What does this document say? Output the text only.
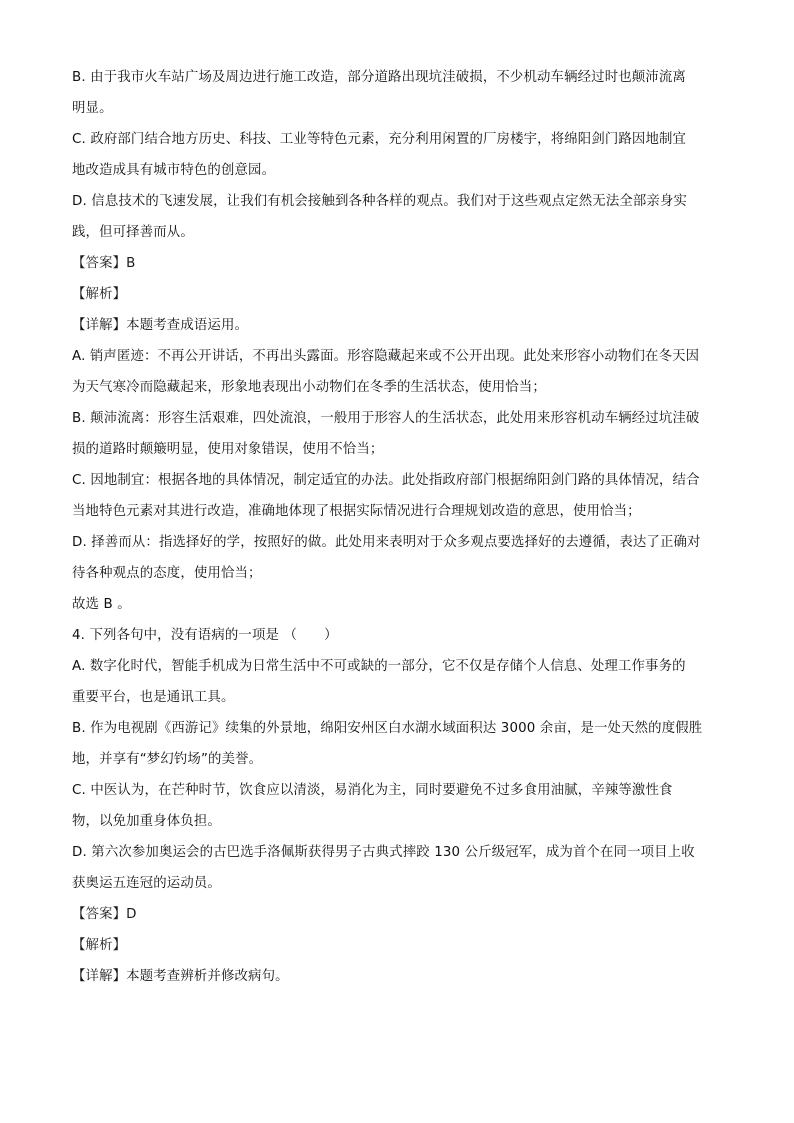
B. 由于我市火车站广场及周边进行施工改造，部分道路出现坑洼破损，不少机动车辆经过时也颠沛流离
明显。

C. 政府部门结合地方历史、科技、工业等特色元素，充分利用闲置的厂房楼宇，将绵阳剑门路因地制宜
地改造成具有城市特色的创意园。

D. 信息技术的飞速发展，让我们有机会接触到各种各样的观点。我们对于这些观点定然无法全部亲身实
践，但可择善而从。

【答案】B

【解析】

【详解】本题考查成语运用。

A. 销声匿迹：不再公开讲话，不再出头露面。形容隐藏起来或不公开出现。此处来形容小动物们在冬天因
为天气寒冷而隐藏起来，形象地表现出小动物们在冬季的生活状态，使用恰当；

B. 颠沛流离：形容生活艰难，四处流浪，一般用于形容人的生活状态，此处用来形容机动车辆经过坑洼破
损的道路时颠簸明显，使用对象错误，使用不恰当；

C. 因地制宜：根据各地的具体情况，制定适宜的办法。此处指政府部门根据绵阳剑门路的具体情况，结合
当地特色元素对其进行改造，准确地体现了根据实际情况进行合理规划改造的意思，使用恰当；

D. 择善而从：指选择好的学，按照好的做。此处用来表明对于众多观点要选择好的去遵循，表达了正确对
待各种观点的态度，使用恰当；

故选 B 。

4. 下列各句中，没有语病的一项是 （　　）

A. 数字化时代，智能手机成为日常生活中不可或缺的一部分，它不仅是存储个人信息、处理工作事务的
重要平台，也是通讯工具。

B. 作为电视剧《西游记》续集的外景地，绵阳安州区白水湖水域面积达 3000 余亩，是一处天然的度假胜
地，并享有“梦幻钓场”的美誉。

C. 中医认为，在芒种时节，饮食应以清淡，易消化为主，同时要避免不过多食用油腻，辛辣等激性食
物，以免加重身体负担。

D. 第六次参加奥运会的古巴选手洛佩斯获得男子古典式摔跤 130 公斤级冠军，成为首个在同一项目上收
获奥运五连冠的运动员。

【答案】D

【解析】

【详解】本题考查辨析并修改病句。
